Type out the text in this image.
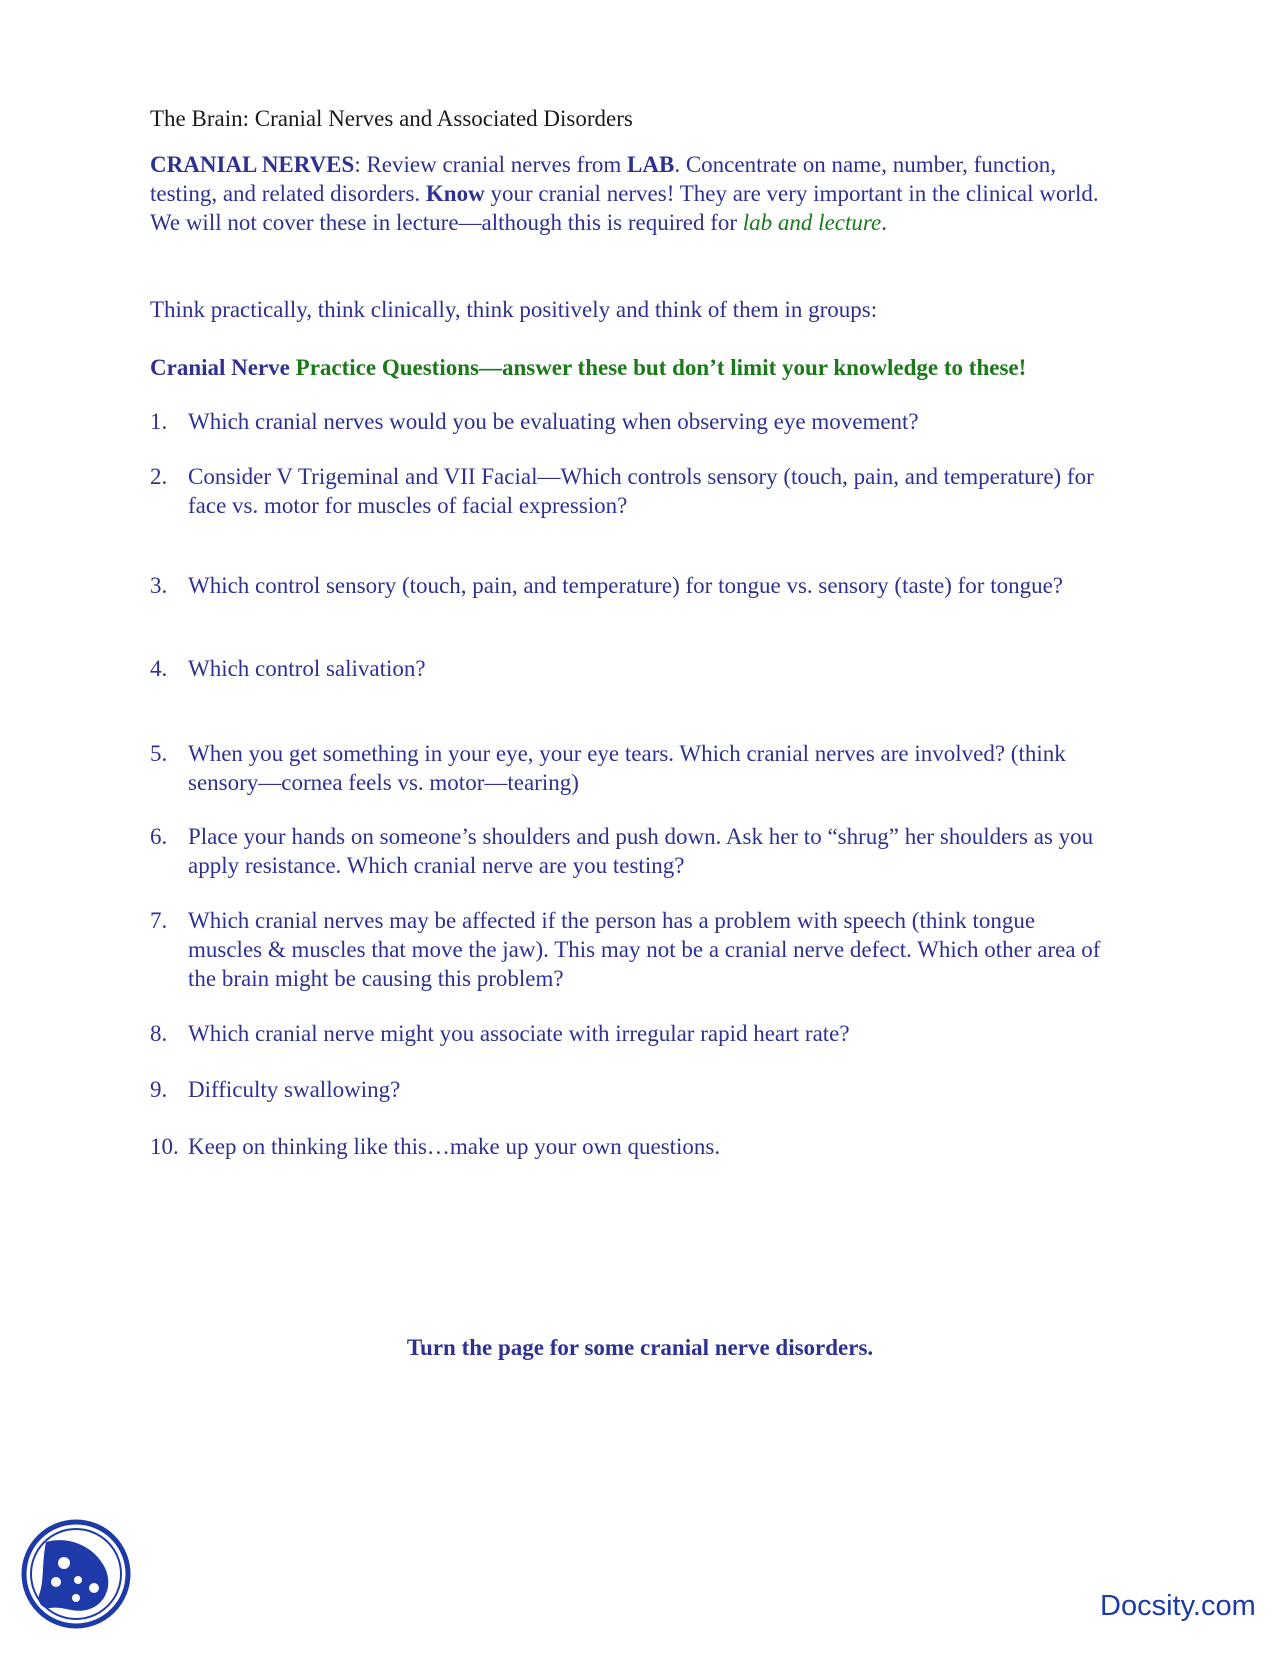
The Brain: Cranial Nerves and Associated Disorders
CRANIAL NERVES: Review cranial nerves from LAB. Concentrate on name, number, function, testing, and related disorders. Know your cranial nerves! They are very important in the clinical world. We will not cover these in lecture—although this is required for lab and lecture.
Think practically, think clinically, think positively and think of them in groups:
Cranial Nerve Practice Questions—answer these but don’t limit your knowledge to these!
1. Which cranial nerves would you be evaluating when observing eye movement?
2. Consider V Trigeminal and VII Facial—Which controls sensory (touch, pain, and temperature) for face vs. motor for muscles of facial expression?
3. Which control sensory (touch, pain, and temperature) for tongue vs. sensory (taste) for tongue?
4. Which control salivation?
5. When you get something in your eye, your eye tears. Which cranial nerves are involved? (think sensory—cornea feels vs. motor—tearing)
6. Place your hands on someone’s shoulders and push down. Ask her to “shrug” her shoulders as you apply resistance. Which cranial nerve are you testing?
7. Which cranial nerves may be affected if the person has a problem with speech (think tongue muscles & muscles that move the jaw). This may not be a cranial nerve defect. Which other area of the brain might be causing this problem?
8. Which cranial nerve might you associate with irregular rapid heart rate?
9. Difficulty swallowing?
10. Keep on thinking like this…make up your own questions.
Turn the page for some cranial nerve disorders.
Docsity.com
